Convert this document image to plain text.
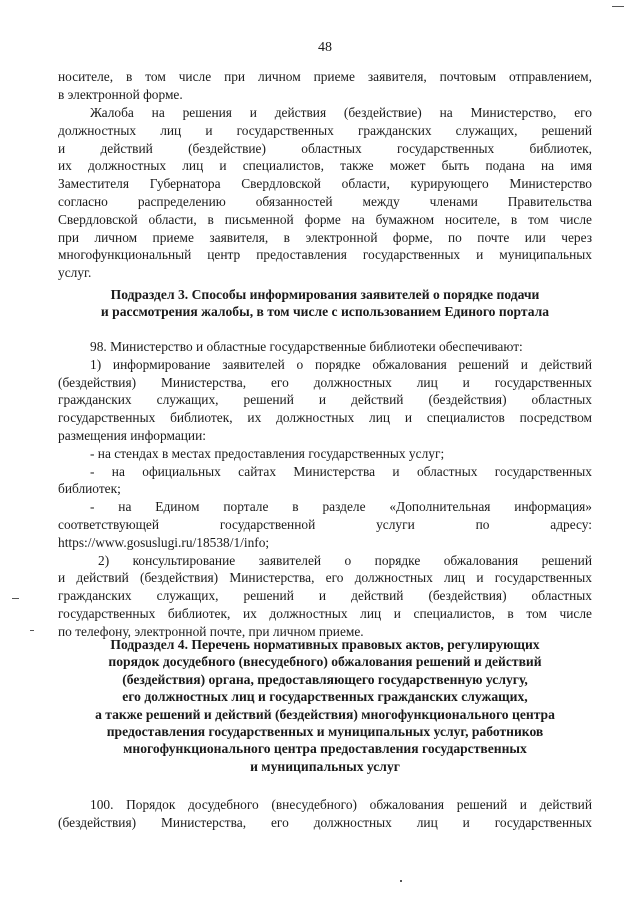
48
носителе, в том числе при личном приеме заявителя, почтовым отправлением,
в электронной форме.
Жалоба на решения и действия (бездействие) на Министерство, его
должностных лиц и государственных гражданских служащих, решений
и действий (бездействие) областных государственных библиотек,
их должностных лиц и специалистов, также может быть подана на имя
Заместителя Губернатора Свердловской области, курирующего Министерство
согласно распределению обязанностей между членами Правительства
Свердловской области, в письменной форме на бумажном носителе, в том числе
при личном приеме заявителя, в электронной форме, по почте или через
многофункциональный центр предоставления государственных и муниципальных
услуг.
Подраздел 3. Способы информирования заявителей о порядке подачи
и рассмотрения жалобы, в том числе с использованием Единого портала
98. Министерство и областные государственные библиотеки обеспечивают:
1) информирование заявителей о порядке обжалования решений и действий
(бездействия) Министерства, его должностных лиц и государственных
гражданских служащих, решений и действий (бездействия) областных
государственных библиотек, их должностных лиц и специалистов посредством
размещения информации:
- на стендах в местах предоставления государственных услуг;
- на официальных сайтах Министерства и областных государственных
библиотек;
- на Едином портале в разделе «Дополнительная информация»
соответствующей государственной услуги по адресу:
https://www.gosuslugi.ru/18538/1/info;
2) консультирование заявителей о порядке обжалования решений
и действий (бездействия) Министерства, его должностных лиц и государственных
гражданских служащих, решений и действий (бездействия) областных
государственных библиотек, их должностных лиц и специалистов, в том числе
по телефону, электронной почте, при личном приеме.
Подраздел 4. Перечень нормативных правовых актов, регулирующих
порядок досудебного (внесудебного) обжалования решений и действий
(бездействия) органа, предоставляющего государственную услугу,
его должностных лиц и государственных гражданских служащих,
а также решений и действий (бездействия) многофункционального центра
предоставления государственных и муниципальных услуг, работников
многофункционального центра предоставления государственных
и муниципальных услуг
100. Порядок досудебного (внесудебного) обжалования решений и действий
(бездействия) Министерства, его должностных лиц и государственных
